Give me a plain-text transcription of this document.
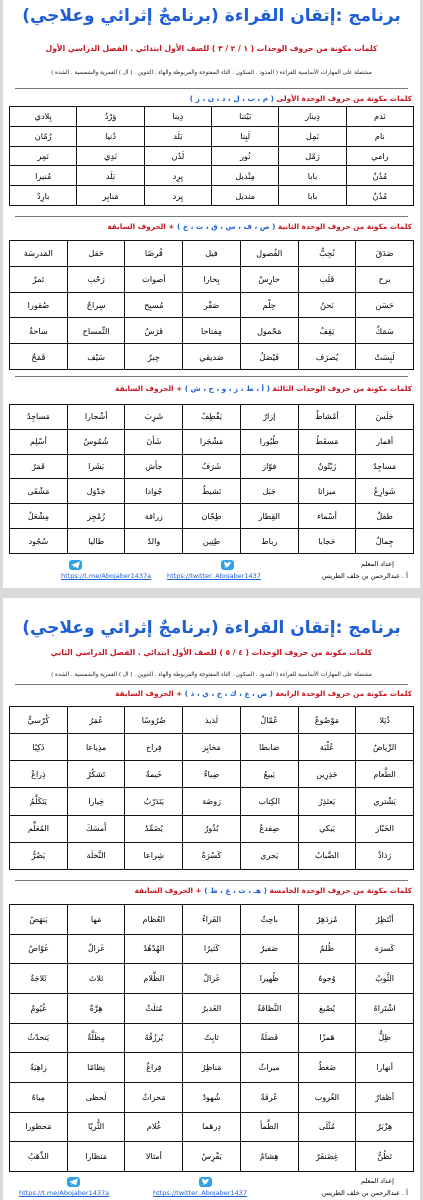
برنامج :إتقان القراءة (برنامجٌ إثرائي وعلاجي)
كلمات مكونة من حروف الوحدات ( ١ / ٢ / ٣ ) للصف الأول ابتدائي . الفصل الدراسي الأول
مشتملة على المهارات الأساسية للقراءة ( المدود . السكون . التاء المفتوحة والمربوطة والهاء . التنوين . ( ال ) القمرية والشمسية . الشدة )
كلمات مكونة من حروف الوحدة الأولى ( م ، ب ، ل ، د ، ن ، ر )
نَدم	دِينار	بَيْتنا	دِينا	وَرْدُ	بِلادي
نام	نَمِل	لَبِنا	بَلَد	دُنيا	رُمّان
رامي	رَمْل	نُور	لَدُن	نَدِي	نَمِر
مُدُنٌ	بابا	مِنْديل	يِرِد	بَلَد	مُنيرا
مُدُنٌ	بابا	منديل	يِرد	مَنابِر	بارِدٌ
كلمات مكونة من حروف الوحدة الثانية ( ص ، ف ، س ، ق ، ت ، ح ) + الحروف السابقة
صَدَقَ	نُحِبُّ	الفُصول	فيل	قُرصًا	حَقل	المَدرسَة
برح	قَلَب	حارِسٌ	بِحارا	أصوات	رَحْب	تَمرٌ
حَسَن	نَحنُ	حِلْم	صَقْر	مُسبِح	سِراجٌ	صُقورا
سَمَكٌ	يَقِفُ	مَحْمول	مِفتاحا	فَرَسٌ	التِّمساح	ساحةٌ
لَبِسَتْ	يُصرَف	فَيْصَلُ	صَديقي	حِبرٌ	سَيْف	قَمَحٌ
كلمات مكونة من حروف الوحدات الثالثة ( أ ، ط ، ز ، و ، ج ، ش ) + الحروف السابقة
جَلَسَ	أمْشاطٌ	إزارٌ	يَقْطِفُ	شَرِبَ	أشْجارا	مَساجِدُ
أقمار	مَسقَطُ	طُيُورا	مَشْجَرا	شَأنَ	شُمُوسٌ	أسْلِم
مَساجِدٌ	زَيْتُونٌ	فوّاز	شَرَفٌ	جأش	بَشَرا	قَمَرٌ
شَوارِعُ	ميزانا	جَبَل	نَشيطٌ	جُوادا	جَدْوَل	مَشْقَى
طفلٌ	أسْماء	القِطار	طِحّان	زرافة	زُمْجِر	مِشْعَلُ
جِمالٌ	حَجابا	رباط	طِنِين	والدٌ	طاليا	سُجُود
https://t.me/Abojaber1437a https://twitter. Abojaber1437
إعداد المعلم
أ . عبدالرحمن بن خلف الطريس
برنامج :إتقان القراءة (برنامجٌ إثرائي وعلاجي)
كلمات مكونة من حروف الوحدات ( ٤ / ٥ ) للصف الأول ابتدائي . الفصل الدراسي الثاني
مشتملة على المهارات الأساسية للقراءة ( المدود . السكون . التاء المفتوحة والمربوطة والهاء . التنوين . ( ال ) القمرية والشمسية . الشدة )
كلمات مكونة من حروف الوحدة الرابعة ( ض ، ع ، ك ، خ ، ي ، ذ ) + الحروف السابقة
ذُيَلا	مَوْضُوعٌ	عُمّالٌ	لَذيذ	ضُرُوسًا	عُمَرُ	كُرْسيٌّ
الرِّياضُ	عُلْبَة	ضابطا	مَخابِز	فِراخ	مذِياعا	ذَكِيًا
الطَّعام	حَذِرِين	يَبيعُ	ضِياءٌ	خَيمةٌ	تَشكُرُ	ذِراعٌ
يَشْتري	يَعتَذِرُ	الكِتاب	رَوضَة	يَتَدَرّبُ	خِيارا	يَتَكَلَّمُ
الخَبّاز	يَبكي	ضِفدعٌ	بُذُورٌ	يُضَمِّدُ	أَمسَكَ	المُعَلِّم
رَذاذٌ	الضَّبابُ	يَجري	كَسْرَةٌ	شِراعا	النَّخلَة	يَضُرُّ
كلمات مكونة من حروف الوحدة الخامسة ( هـ ، ث ، غ ، ظ ) + الحروف السابقة
أنْتَظِرُ	مُزدَهِرٌ	باحِثٌ	الفَراءُ	العُظام	مَها	يَنهَضُ
كَسرَة	ظُلمٌ	صَفيرٌ	كَثيرًا	الهُدْهُدُ	غَزالٌ	غَوّاصٌ
الثَّوبُ	وُجوهٌ	ظُهيرا	غَزالٌ	الظَّلام	ثلاثَ	ثَلاجَةٌ
اشْتَراهُ	يُصْبغ	النَّظافَةُ	الغَديرُ	مُثلَثٌ	هِرَّةٌ	غُيُومٌ
ظِلٌّ	هَمزًا	فَضلَةٌ	ثابِتٌ	يُرزُقُهُ	مِظَلَّةٌ	يَتحدّثُ
أنهارا	ضَغطٌ	ميراثٌ	مَناظِرُ	فِراغٌ	نِظامًا	زاهِيَةٌ
أظفارٌ	الغُروب	عُرفَةٌ	شُهودٌ	مَحراثٌ	لَحظى	مِياهٌ
هِزْبَرٌ	مُثْلَى	الظَّمأ	دِرهَما	غُلام	الثُّريّا	مَحظورا
تَظُنُّ	غِضَنفَرٌ	هِشامٌ	يَفْرِسُ	أمثالا	مَنظارا	الذِّهَبُ
https://t.me/Abojaber1437a	https://twitter. Abojaber1437
إعداد المعلم
أ . عبدالرحمن بن خلف الطريس
